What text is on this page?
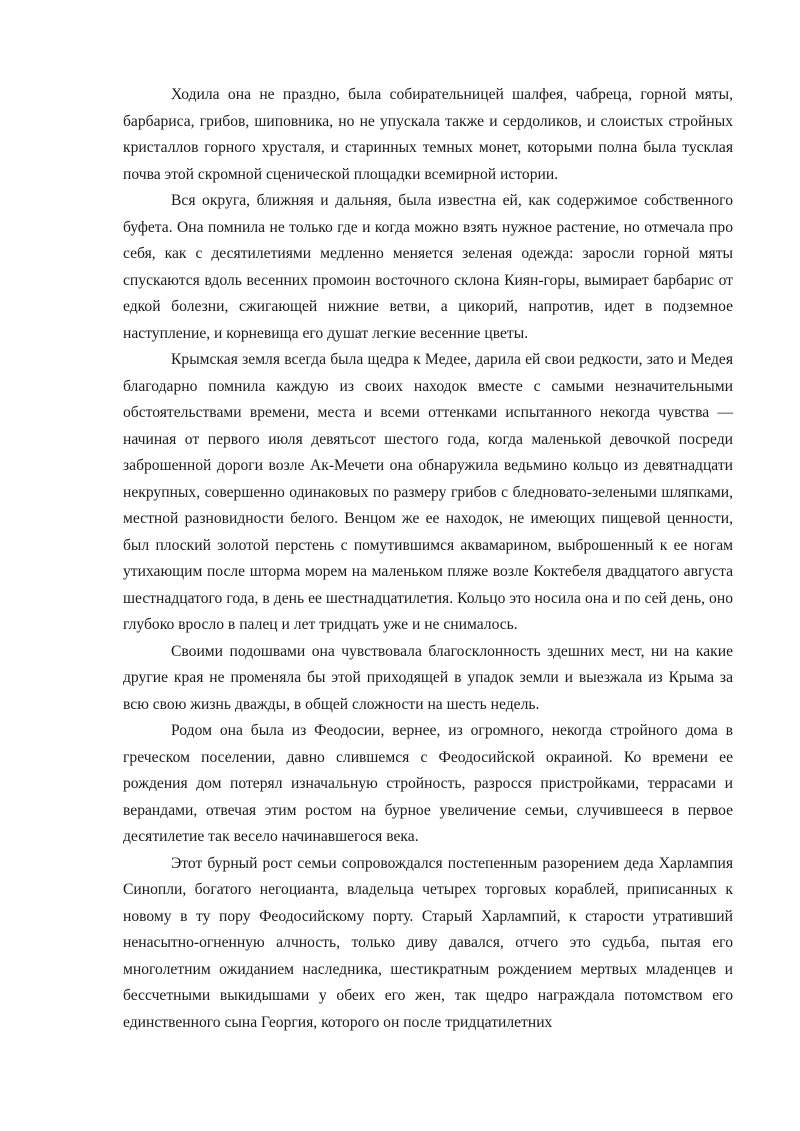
Ходила она не праздно, была собирательницей шалфея, чабреца, горной мяты, барбариса, грибов, шиповника, но не упускала также и сердоликов, и слоистых стройных кристаллов горного хрусталя, и старинных темных монет, которыми полна была тусклая почва этой скромной сценической площадки всемирной истории.

Вся округа, ближняя и дальняя, была известна ей, как содержимое собственного буфета. Она помнила не только где и когда можно взять нужное растение, но отмечала про себя, как с десятилетиями медленно меняется зеленая одежда: заросли горной мяты спускаются вдоль весенних промоин восточного склона Киян-горы, вымирает барбарис от едкой болезни, сжигающей нижние ветви, а цикорий, напротив, идет в подземное наступление, и корневища его душат легкие весенние цветы.

Крымская земля всегда была щедра к Медее, дарила ей свои редкости, зато и Медея благодарно помнила каждую из своих находок вместе с самыми незначительными обстоятельствами времени, места и всеми оттенками испытанного некогда чувства — начиная от первого июля девятьсот шестого года, когда маленькой девочкой посреди заброшенной дороги возле Ак-Мечети она обнаружила ведьмино кольцо из девятнадцати некрупных, совершенно одинаковых по размеру грибов с бледновато-зелеными шляпками, местной разновидности белого. Венцом же ее находок, не имеющих пищевой ценности, был плоский золотой перстень с помутившимся аквамарином, выброшенный к ее ногам утихающим после шторма морем на маленьком пляже возле Коктебеля двадцатого августа шестнадцатого года, в день ее шестнадцатилетия. Кольцо это носила она и по сей день, оно глубоко вросло в палец и лет тридцать уже и не снималось.

Своими подошвами она чувствовала благосклонность здешних мест, ни на какие другие края не променяла бы этой приходящей в упадок земли и выезжала из Крыма за всю свою жизнь дважды, в общей сложности на шесть недель.

Родом она была из Феодосии, вернее, из огромного, некогда стройного дома в греческом поселении, давно слившемся с Феодосийской окраиной. Ко времени ее рождения дом потерял изначальную стройность, разросся пристройками, террасами и верандами, отвечая этим ростом на бурное увеличение семьи, случившееся в первое десятилетие так весело начинавшегося века.

Этот бурный рост семьи сопровождался постепенным разорением деда Харлампия Синопли, богатого негоцианта, владельца четырех торговых кораблей, приписанных к новому в ту пору Феодосийскому порту. Старый Харлампий, к старости утративший ненасытно-огненную алчность, только диву давался, отчего это судьба, пытая его многолетним ожиданием наследника, шестикратным рождением мертвых младенцев и бессчетными выкидышами у обеих его жен, так щедро награждала потомством его единственного сына Георгия, которого он после тридцатилетних
